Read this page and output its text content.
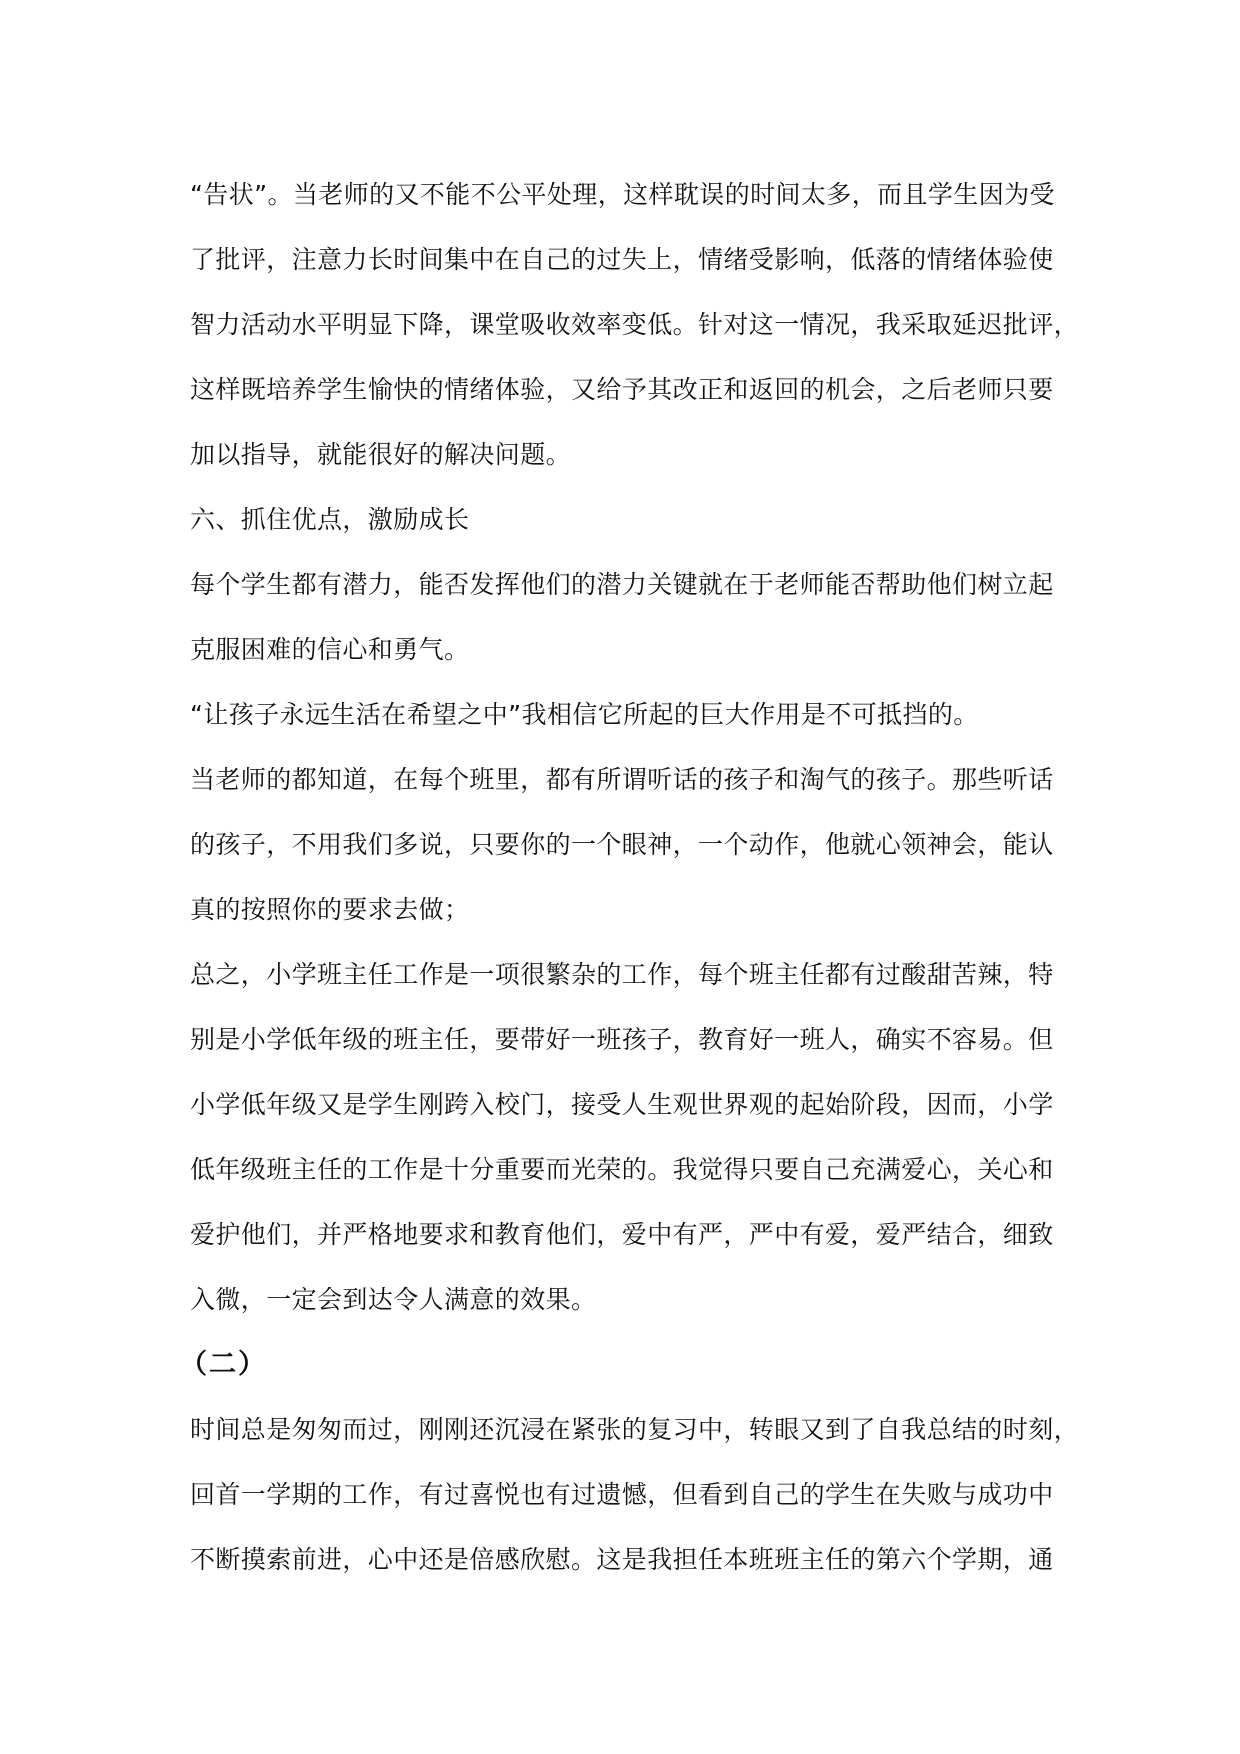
“告状”。当老师的又不能不公平处理，这样耽误的时间太多，而且学生因为受
了批评，注意力长时间集中在自己的过失上，情绪受影响，低落的情绪体验使
智力活动水平明显下降，课堂吸收效率变低。针对这一情况，我采取延迟批评，
这样既培养学生愉快的情绪体验，又给予其改正和返回的机会，之后老师只要
加以指导，就能很好的解决问题。
六、抓住优点，激励成长
每个学生都有潜力，能否发挥他们的潜力关键就在于老师能否帮助他们树立起
克服困难的信心和勇气。
“让孩子永远生活在希望之中”我相信它所起的巨大作用是不可抵挡的。
当老师的都知道，在每个班里，都有所谓听话的孩子和淘气的孩子。那些听话
的孩子，不用我们多说，只要你的一个眼神，一个动作，他就心领神会，能认
真的按照你的要求去做；
总之，小学班主任工作是一项很繁杂的工作，每个班主任都有过酸甜苦辣，特
别是小学低年级的班主任，要带好一班孩子，教育好一班人，确实不容易。但
小学低年级又是学生刚跨入校门，接受人生观世界观的起始阶段，因而，小学
低年级班主任的工作是十分重要而光荣的。我觉得只要自己充满爱心，关心和
爱护他们，并严格地要求和教育他们，爱中有严，严中有爱，爱严结合，细致
入微，一定会到达令人满意的效果。
（二）
时间总是匆匆而过，刚刚还沉浸在紧张的复习中，转眼又到了自我总结的时刻，
回首一学期的工作，有过喜悦也有过遗憾，但看到自己的学生在失败与成功中
不断摸索前进，心中还是倍感欣慰。这是我担任本班班主任的第六个学期，通
